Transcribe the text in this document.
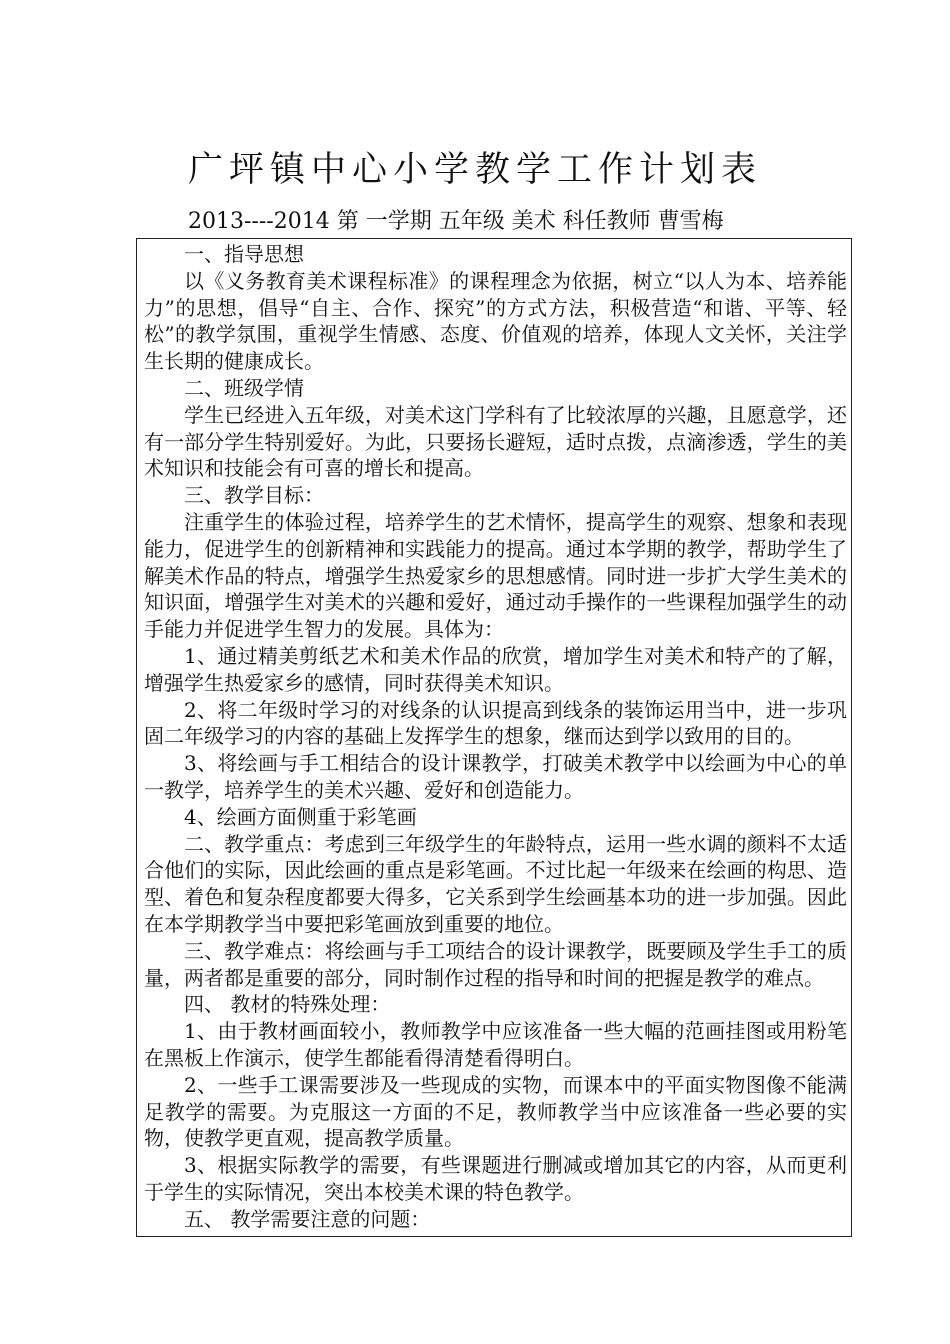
广坪镇中心小学教学工作计划表
2013----2014 第 一学期 五年级 美术 科任教师 曹雪梅

一、指导思想

以《义务教育美术课程标准》的课程理念为依据，树立“以人为本、培养能力”的思想，倡导“自主、合作、探究”的方式方法，积极营造“和谐、平等、轻松”的教学氛围，重视学生情感、态度、价值观的培养，体现人文关怀，关注学生长期的健康成长。

二、班级学情

学生已经进入五年级，对美术这门学科有了比较浓厚的兴趣，且愿意学，还有一部分学生特别爱好。为此，只要扬长避短，适时点拨，点滴渗透，学生的美术知识和技能会有可喜的增长和提高。

三、教学目标：

注重学生的体验过程，培养学生的艺术情怀，提高学生的观察、想象和表现能力，促进学生的创新精神和实践能力的提高。通过本学期的教学，帮助学生了解美术作品的特点，增强学生热爱家乡的思想感情。同时进一步扩大学生美术的知识面，增强学生对美术的兴趣和爱好，通过动手操作的一些课程加强学生的动手能力并促进学生智力的发展。具体为：

1、通过精美剪纸艺术和美术作品的欣赏，增加学生对美术和特产的了解，增强学生热爱家乡的感情，同时获得美术知识。

2、将二年级时学习的对线条的认识提高到线条的装饰运用当中，进一步巩固二年级学习的内容的基础上发挥学生的想象，继而达到学以致用的目的。

3、将绘画与手工相结合的设计课教学，打破美术教学中以绘画为中心的单一教学，培养学生的美术兴趣、爱好和创造能力。

4、绘画方面侧重于彩笔画

二、教学重点：考虑到三年级学生的年龄特点，运用一些水调的颜料不太适合他们的实际，因此绘画的重点是彩笔画。不过比起一年级来在绘画的构思、造型、着色和复杂程度都要大得多，它关系到学生绘画基本功的进一步加强。因此在本学期教学当中要把彩笔画放到重要的地位。

三、教学难点：将绘画与手工项结合的设计课教学，既要顾及学生手工的质量，两者都是重要的部分，同时制作过程的指导和时间的把握是教学的难点。

四、 教材的特殊处理：

1、由于教材画面较小，教师教学中应该准备一些大幅的范画挂图或用粉笔在黑板上作演示，使学生都能看得清楚看得明白。

2、一些手工课需要涉及一些现成的实物，而课本中的平面实物图像不能满足教学的需要。为克服这一方面的不足，教师教学当中应该准备一些必要的实物，使教学更直观，提高教学质量。

3、根据实际教学的需要，有些课题进行删减或增加其它的内容，从而更利于学生的实际情况，突出本校美术课的特色教学。

五、 教学需要注意的问题：
